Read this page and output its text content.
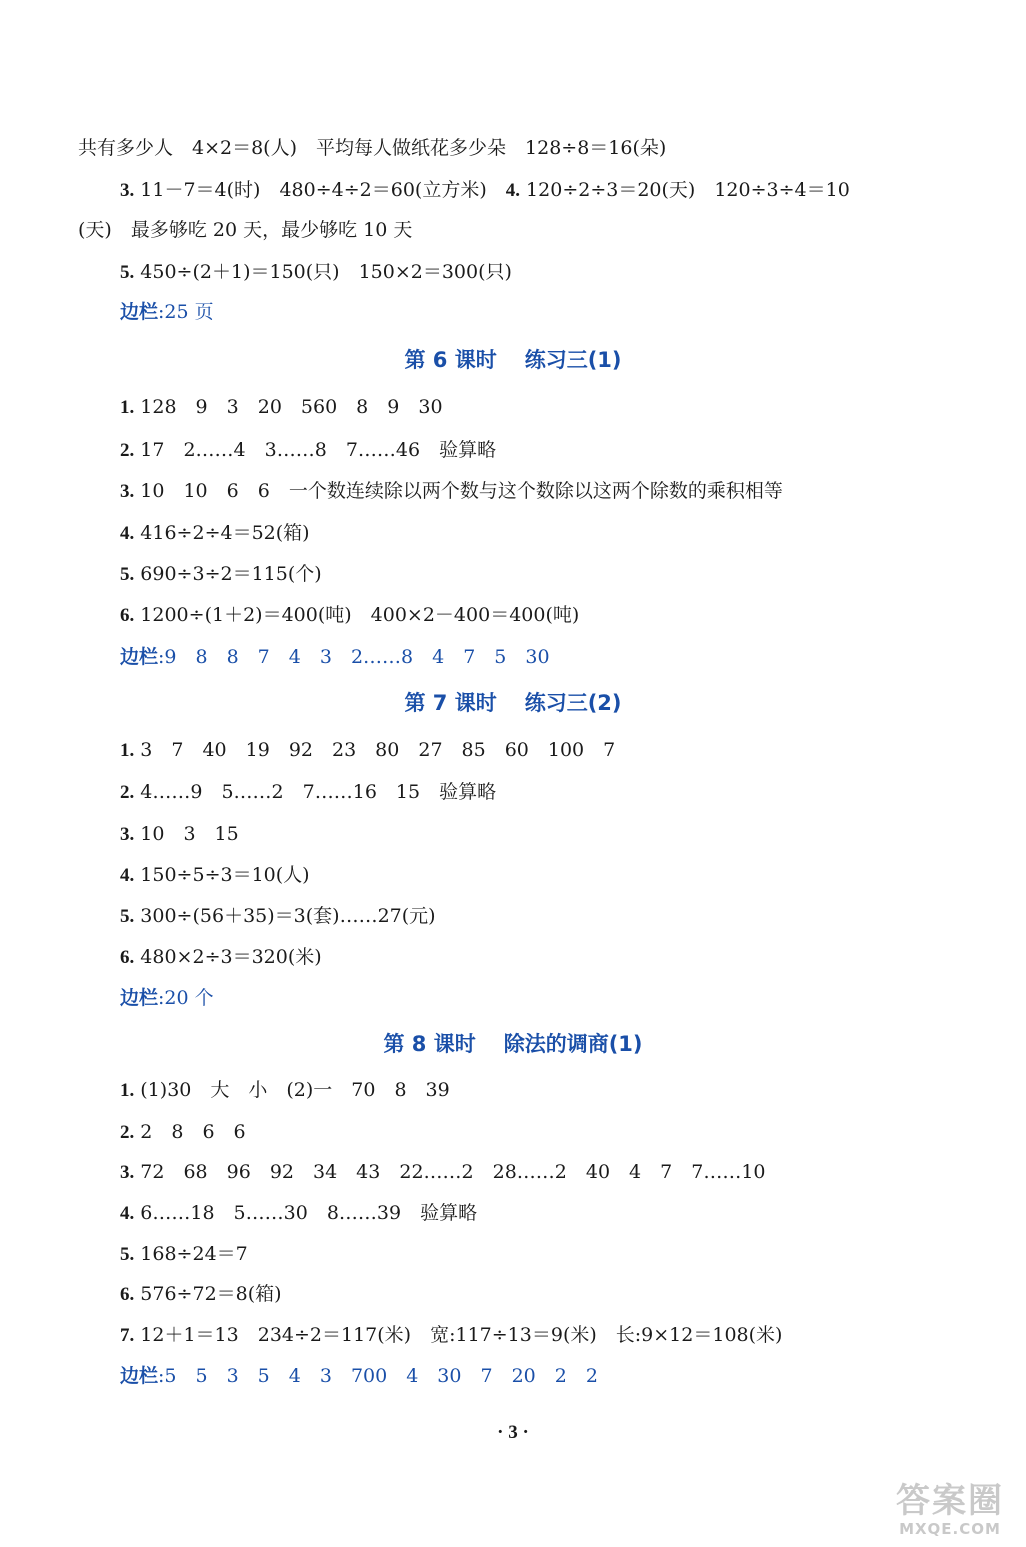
共有多少人　4×2＝8(人)　平均每人做纸花多少朵　128÷8＝16(朵)
3. 11－7＝4(时)　480÷4÷2＝60(立方米)　4. 120÷2÷3＝20(天)　120÷3÷4＝10
(天)　最多够吃 20 天，最少够吃 10 天
5. 450÷(2＋1)＝150(只)　150×2＝300(只)
边栏:25 页
第 6 课时 练习三(1)
1. 128　9　3　20　560　8　9　30
2. 17　2……4　3……8　7……46　验算略
3. 10　10　6　6　一个数连续除以两个数与这个数除以这两个除数的乘积相等
4. 416÷2÷4＝52(箱)
5. 690÷3÷2＝115(个)
6. 1200÷(1＋2)＝400(吨)　400×2－400＝400(吨)
边栏:9　8　8　7　4　3　2……8　4　7　5　30
第 7 课时 练习三(2)
1. 3　7　40　19　92　23　80　27　85　60　100　7
2. 4……9　5……2　7……16　15　验算略
3. 10　3　15
4. 150÷5÷3＝10(人)
5. 300÷(56＋35)＝3(套)……27(元)
6. 480×2÷3＝320(米)
边栏:20 个
第 8 课时 除法的调商(1)
1. (1)30　大　小　(2)一　70　8　39
2. 2　8　6　6
3. 72　68　96　92　34　43　22……2　28……2　40　4　7　7……10
4. 6……18　5……30　8……39　验算略
5. 168÷24＝7
6. 576÷72＝8(箱)
7. 12＋1＝13　234÷2＝117(米)　宽:117÷13＝9(米)　长:9×12＝108(米)
边栏:5　5　3　5　4　3　700　4　30　7　20　2　2
· 3 ·
答案圈
MXQE.COM
